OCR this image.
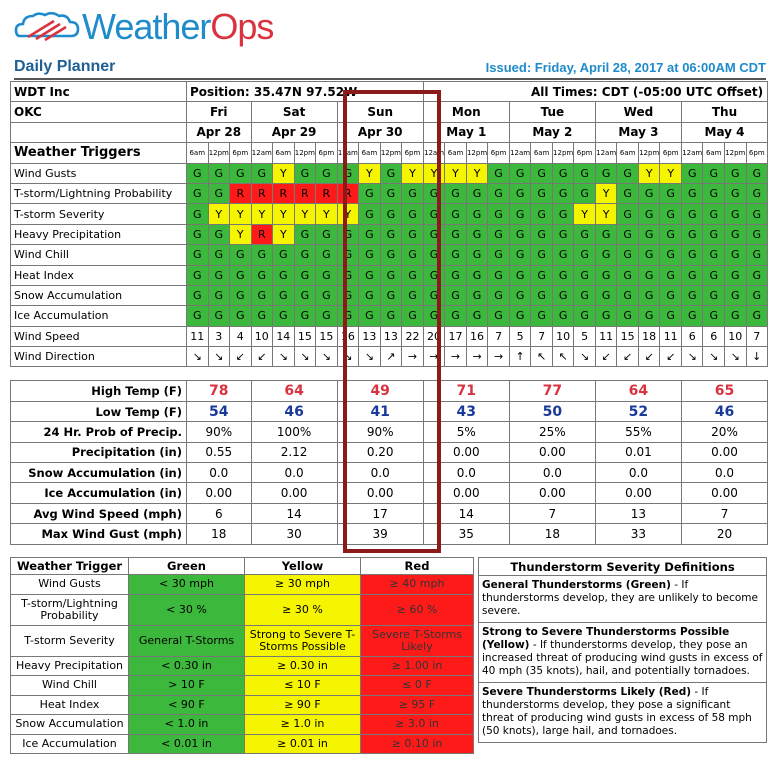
WeatherOps
Daily Planner	Issued: Friday, April 28, 2017 at 06:00AM CDT
WDT Inc	Position: 35.47N 97.52W											All Times: CDT (-05:00 UTC Offset)															
OKC	Fri			Sat				Sun				Mon				Tue				Wed				Thu			
	Apr 28			Apr 29				Apr 30				May 1				May 2				May 3				May 4			
Weather Triggers	6am	12pm	6pm	12am	6am	12pm	6pm	12am	6am	12pm	6pm	12am	6am	12pm	6pm	12am	6am	12pm	6pm	12am	6am	12pm	6pm	12am	6am	12pm	6pm
Wind Gusts	G	G	G	G	Y	G	G	G	Y	G	Y	Y	Y	Y	G	G	G	G	G	G	G	Y	Y	G	G	G	G
T-storm/Lightning Probability	G	G	R	R	R	R	R	R	G	G	G	G	G	G	G	G	G	G	G	Y	G	G	G	G	G	G	G
T-storm Severity	G	Y	Y	Y	Y	Y	Y	Y	G	G	G	G	G	G	G	G	G	G	Y	Y	G	G	G	G	G	G	G
Heavy Precipitation	G	G	Y	R	Y	G	G	G	G	G	G	G	G	G	G	G	G	G	G	G	G	G	G	G	G	G	G
Wind Chill	G	G	G	G	G	G	G	G	G	G	G	G	G	G	G	G	G	G	G	G	G	G	G	G	G	G	G
Heat Index	G	G	G	G	G	G	G	G	G	G	G	G	G	G	G	G	G	G	G	G	G	G	G	G	G	G	G
Snow Accumulation	G	G	G	G	G	G	G	G	G	G	G	G	G	G	G	G	G	G	G	G	G	G	G	G	G	G	G
Ice Accumulation	G	G	G	G	G	G	G	G	G	G	G	G	G	G	G	G	G	G	G	G	G	G	G	G	G	G	G
Wind Speed	11	3	4	10	14	15	15	16	13	13	22	20	17	16	7	5	7	10	5	11	15	18	11	6	6	10	7
Wind Direction	↘	↘	↙	↙	↘	↘	↘	↘	↘	↗	→	→	→	→	→	↑	↖	↖	↘	↙	↙	↙	↙	↘	↘	↘	↓

High Temp (F)	78			64				49				71				77				64				65			
Low Temp (F)	54			46				41				43				50				52				46			
24 Hr. Prob of Precip.	90%			100%				90%				5%				25%				55%				20%			
Precipitation (in)	0.55			2.12				0.20				0.00				0.00				0.01				0.00			
Snow Accumulation (in)	0.0			0.0				0.0				0.0				0.0				0.0				0.0			
Ice Accumulation (in)	0.00			0.00				0.00				0.00				0.00				0.00				0.00			
Avg Wind Speed (mph)	6			14				17				14				7				13				7			
Max Wind Gust (mph)	18			30				39				35				18				33				20			
Weather Trigger	Green	Yellow	Red
Wind Gusts	< 30 mph	≥ 30 mph	≥ 40 mph
T-storm/Lightning Probability	< 30 %	≥ 30 %	≥ 60 %
T-storm Severity	General T-Storms	Strong to Severe T-Storms Possible	Severe T-Storms Likely
Heavy Precipitation	< 0.30 in	≥ 0.30 in	≥ 1.00 in
Wind Chill	> 10 F	≤ 10 F	≤ 0 F
Heat Index	< 90 F	≥ 90 F	≥ 95 F
Snow Accumulation	< 1.0 in	≥ 1.0 in	≥ 3.0 in
Ice Accumulation	< 0.01 in	≥ 0.01 in	≥ 0.10 in
Thunderstorm Severity Definitions
General Thunderstorms (Green) - If thunderstorms develop, they are unlikely to become severe.
Strong to Severe Thunderstorms Possible (Yellow) - If thunderstorms develop, they pose an increased threat of producing wind gusts in excess of 40 mph (35 knots), hail, and potentially tornadoes.
Severe Thunderstorms Likely (Red) - If thunderstorms develop, they pose a significant threat of producing wind gusts in excess of 58 mph (50 knots), large hail, and tornadoes.
